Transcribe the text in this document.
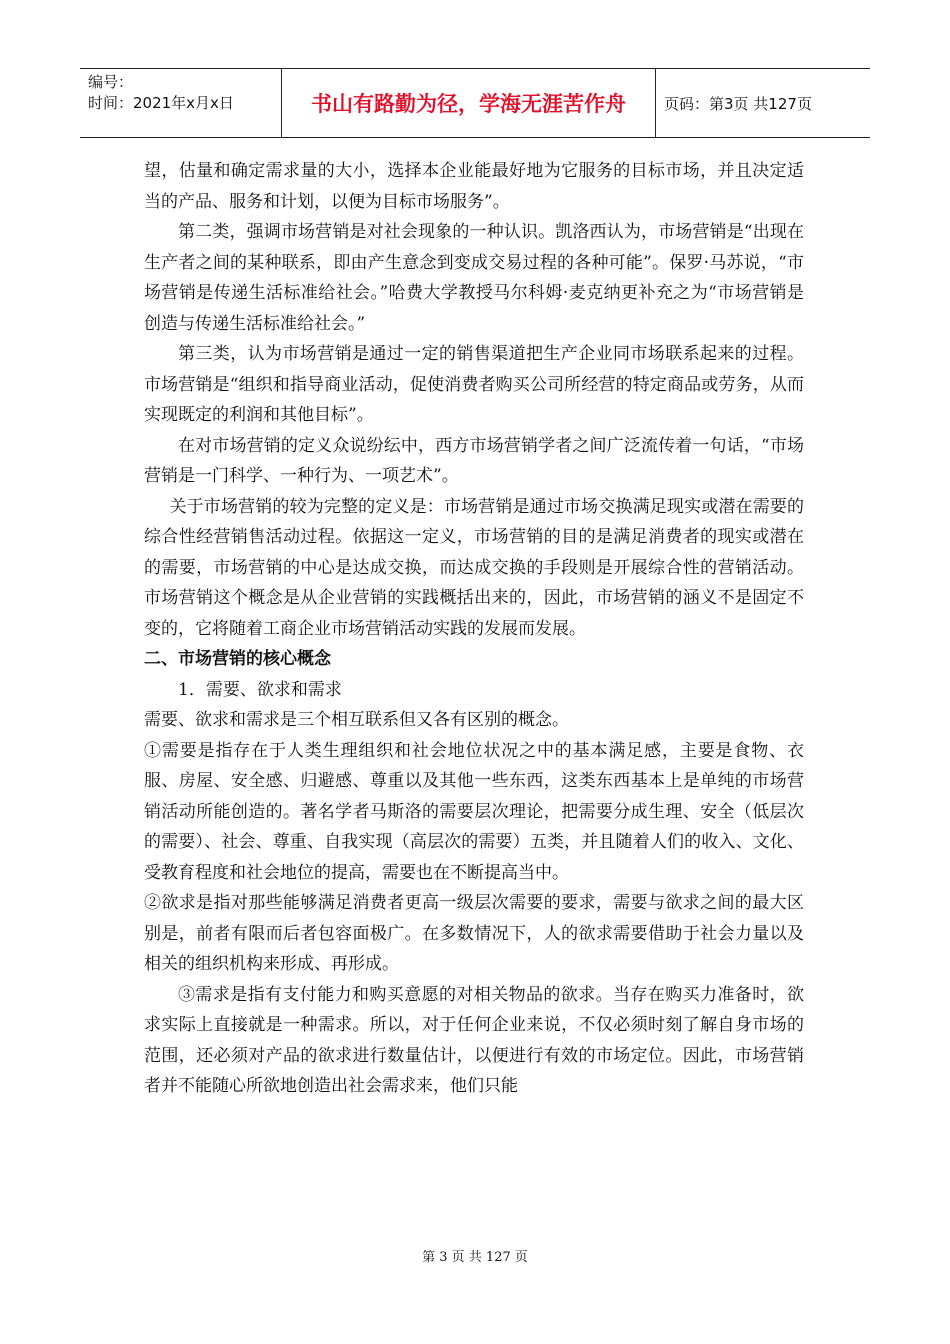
编号：
时间：2021年x月x日	书山有路勤为径，学海无涯苦作舟	页码：第3页 共127页

望，估量和确定需求量的大小，选择本企业能最好地为它服务的目标市场，并且决定适当的产品、服务和计划，以便为目标市场服务”。

第二类，强调市场营销是对社会现象的一种认识。凯洛西认为，市场营销是“出现在生产者之间的某种联系，即由产生意念到变成交易过程的各种可能”。保罗·马苏说，“市场营销是传递生活标准给社会。”哈费大学教授马尔科姆·麦克纳更补充之为“市场营销是创造与传递生活标准给社会。”

第三类，认为市场营销是通过一定的销售渠道把生产企业同市场联系起来的过程。市场营销是“组织和指导商业活动，促使消费者购买公司所经营的特定商品或劳务，从而实现既定的利润和其他目标”。

在对市场营销的定义众说纷纭中，西方市场营销学者之间广泛流传着一句话，“市场营销是一门科学、一种行为、一项艺术”。

关于市场营销的较为完整的定义是：市场营销是通过市场交换满足现实或潜在需要的综合性经营销售活动过程。依据这一定义，市场营销的目的是满足消费者的现实或潜在的需要，市场营销的中心是达成交换，而达成交换的手段则是开展综合性的营销活动。市场营销这个概念是从企业营销的实践概括出来的，因此，市场营销的涵义不是固定不变的，它将随着工商企业市场营销活动实践的发展而发展。

二、市场营销的核心概念

1．需要、欲求和需求

需要、欲求和需求是三个相互联系但又各有区别的概念。

①需要是指存在于人类生理组织和社会地位状况之中的基本满足感，主要是食物、衣服、房屋、安全感、归避感、尊重以及其他一些东西，这类东西基本上是单纯的市场营销活动所能创造的。著名学者马斯洛的需要层次理论，把需要分成生理、安全（低层次的需要）、社会、尊重、自我实现（高层次的需要）五类，并且随着人们的收入、文化、受教育程度和社会地位的提高，需要也在不断提高当中。

②欲求是指对那些能够满足消费者更高一级层次需要的要求，需要与欲求之间的最大区别是，前者有限而后者包容面极广。在多数情况下，人的欲求需要借助于社会力量以及相关的组织机构来形成、再形成。

③需求是指有支付能力和购买意愿的对相关物品的欲求。当存在购买力准备时，欲求实际上直接就是一种需求。所以，对于任何企业来说，不仅必须时刻了解自身市场的范围，还必须对产品的欲求进行数量估计，以便进行有效的市场定位。因此，市场营销者并不能随心所欲地创造出社会需求来，他们只能

第 3 页 共 127 页
